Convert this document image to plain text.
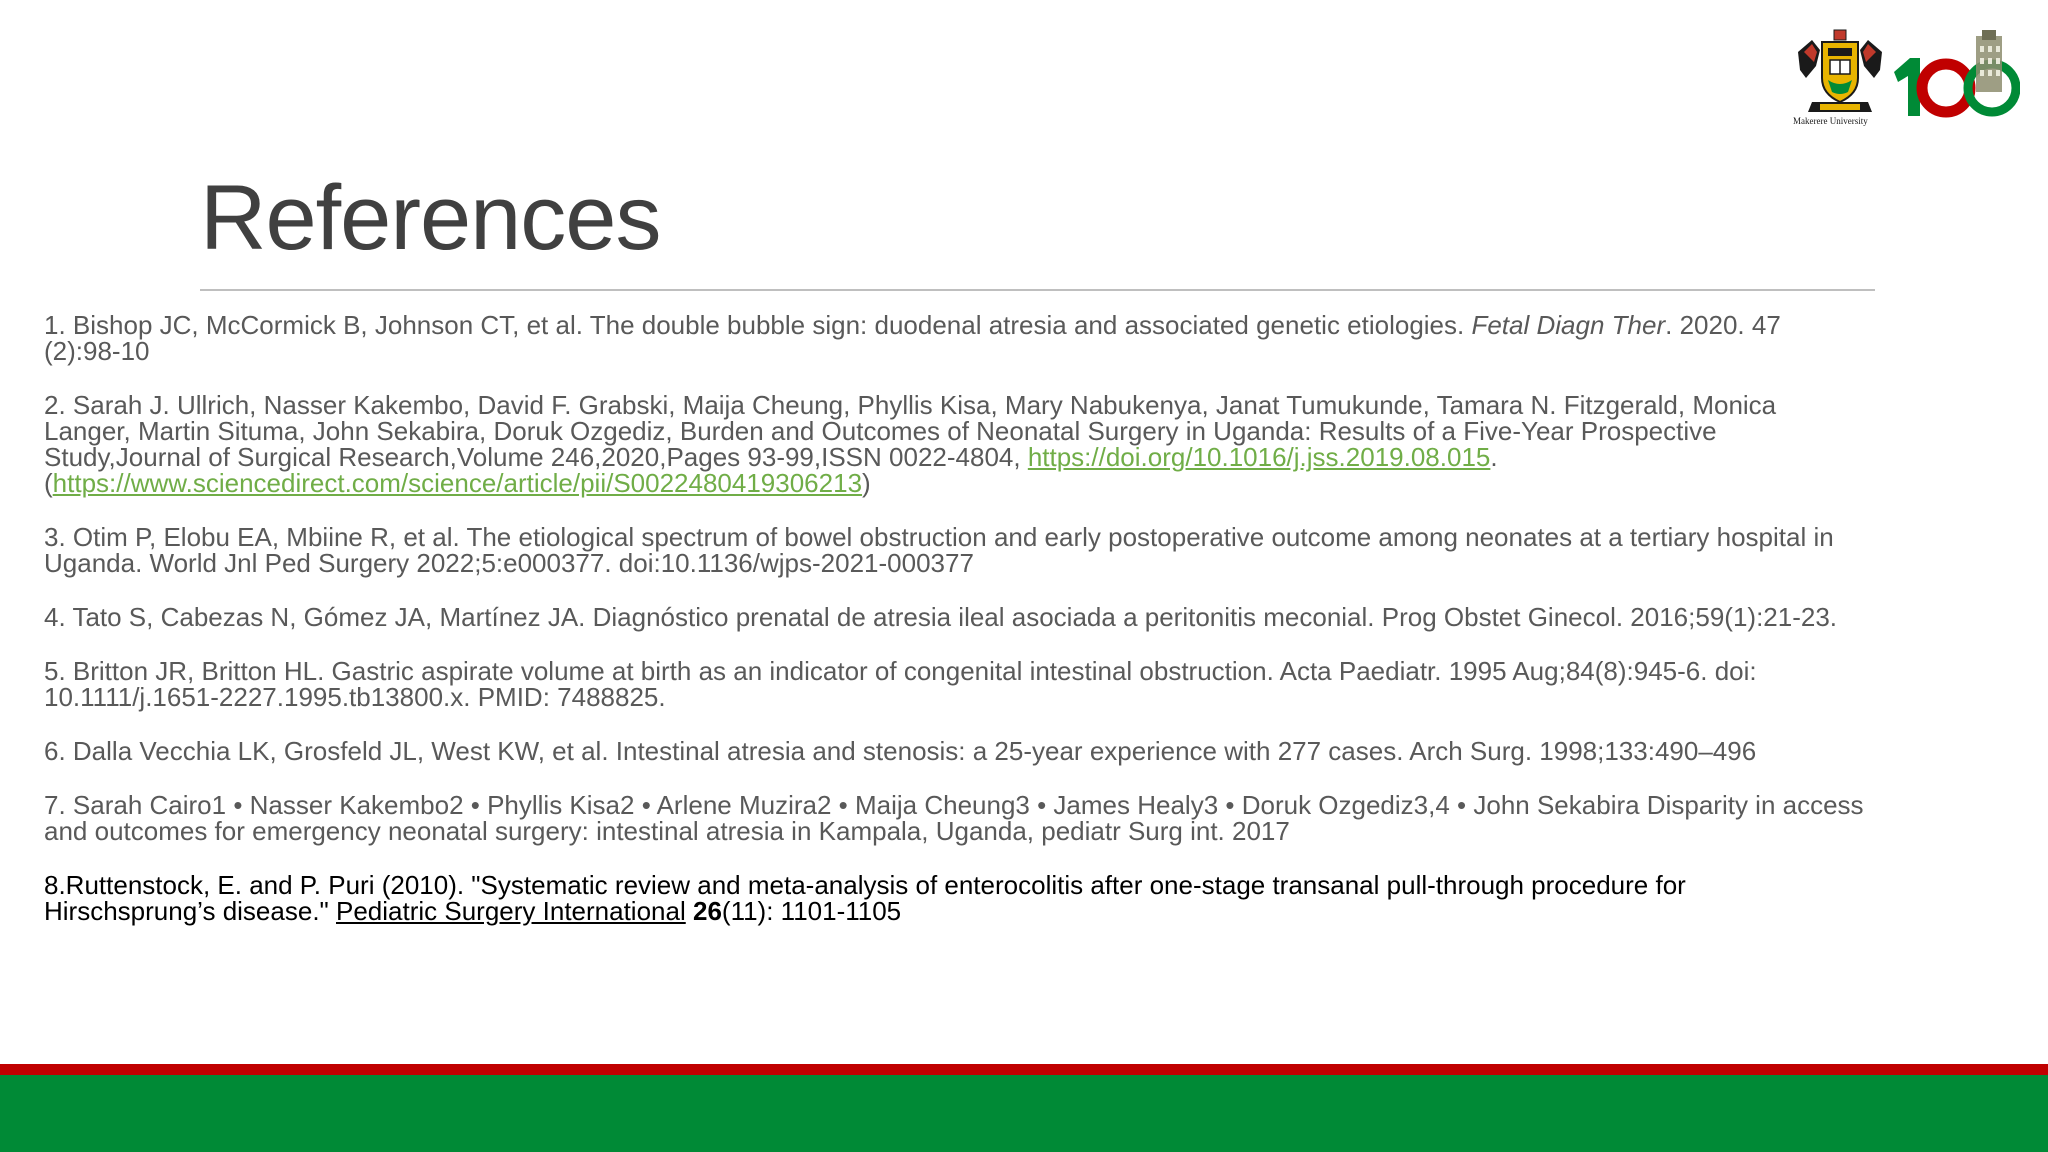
Makerere University
References

1. Bishop JC, McCormick B, Johnson CT, et al. The double bubble sign: duodenal atresia and associated genetic etiologies. Fetal Diagn Ther. 2020. 47 (2):98-10

2. Sarah J. Ullrich, Nasser Kakembo, David F. Grabski, Maija Cheung, Phyllis Kisa, Mary Nabukenya, Janat Tumukunde, Tamara N. Fitzgerald, Monica Langer, Martin Situma, John Sekabira, Doruk Ozgediz, Burden and Outcomes of Neonatal Surgery in Uganda: Results of a Five-Year Prospective Study,Journal of Surgical Research,Volume 246,2020,Pages 93-99,ISSN 0022-4804, https://doi.org/10.1016/j.jss.2019.08.015. (https://www.sciencedirect.com/science/article/pii/S0022480419306213)

3. Otim P, Elobu EA, Mbiine R, et al. The etiological spectrum of bowel obstruction and early postoperative outcome among neonates at a tertiary hospital in Uganda. World Jnl Ped Surgery 2022;5:e000377. doi:10.1136/wjps-2021-000377

4. Tato S, Cabezas N, Gómez JA, Martínez JA. Diagnóstico prenatal de atresia ileal asociada a peritonitis meconial. Prog Obstet Ginecol. 2016;59(1):21-23.

5. Britton JR, Britton HL. Gastric aspirate volume at birth as an indicator of congenital intestinal obstruction. Acta Paediatr. 1995 Aug;84(8):945-6. doi: 10.1111/j.1651-2227.1995.tb13800.x. PMID: 7488825.

6. Dalla Vecchia LK, Grosfeld JL, West KW, et al. Intestinal atresia and stenosis: a 25-year experience with 277 cases. Arch Surg. 1998;133:490–496

7. Sarah Cairo1 • Nasser Kakembo2 • Phyllis Kisa2 • Arlene Muzira2 • Maija Cheung3 • James Healy3 • Doruk Ozgediz3,4 • John Sekabira Disparity in access and outcomes for emergency neonatal surgery: intestinal atresia in Kampala, Uganda, pediatr Surg int. 2017

8.Ruttenstock, E. and P. Puri (2010). "Systematic review and meta-analysis of enterocolitis after one-stage transanal pull-through procedure for Hirschsprung’s disease." Pediatric Surgery International 26(11): 1101-1105
